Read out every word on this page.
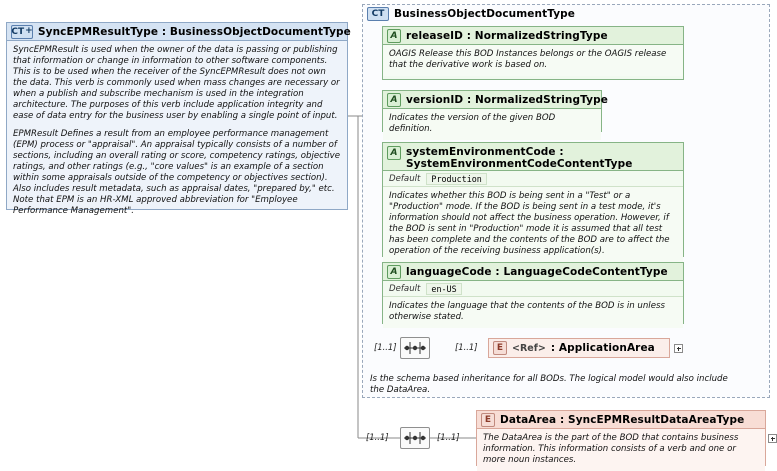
CT + SyncEPMResultType : BusinessObjectDocumentType

SyncEPMResult is used when the owner of the data is passing or publishing that information or change in information to other software components. This is to be used when the receiver of the SyncEPMResult does not own the data. This verb is commonly used when mass changes are necessary or when a publish and subscribe mechanism is used in the integration architecture. The purposes of this verb include application integrity and ease of data entry for the business user by enabling a single point of input.

EPMResult Defines a result from an employee performance management (EPM) process or "appraisal". An appraisal typically consists of a number of sections, including an overall rating or score, competency ratings, objective ratings, and other ratings (e.g., "core values" is an example of a section within some appraisals outside of the competency or objectives section). Also includes result metadata, such as appraisal dates, "prepared by," etc. Note that EPM is an HR-XML approved abbreviation for "Employee Performance Management".

CT BusinessObjectDocumentType
A releaseID : NormalizedStringType
OAGIS Release this BOD Instances belongs or the OAGIS release that the derivative work is based on.
A versionID : NormalizedStringType
Indicates the version of the given BOD definition.
A systemEnvironmentCode : SystemEnvironmentCodeContentType
Default	Production
Indicates whether this BOD is being sent in a "Test" or a "Production" mode. If the BOD is being sent in a test mode, it's information should not affect the business operation. However, if the BOD is sent in "Production" mode it is assumed that all test has been complete and the contents of the BOD are to affect the operation of the receiving business application(s).
A languageCode : LanguageCodeContentType
Default	en-US
Indicates the language that the contents of the BOD is in unless otherwise stated.
[1..1]	[1..1]	E <Ref> : ApplicationArea
Is the schema based inheritance for all BODs. The logical model would also include the DataArea.
[1..1]	[1..1]
E DataArea : SyncEPMResultDataAreaType
The DataArea is the part of the BOD that contains business information. This information consists of a verb and one or more noun instances.
